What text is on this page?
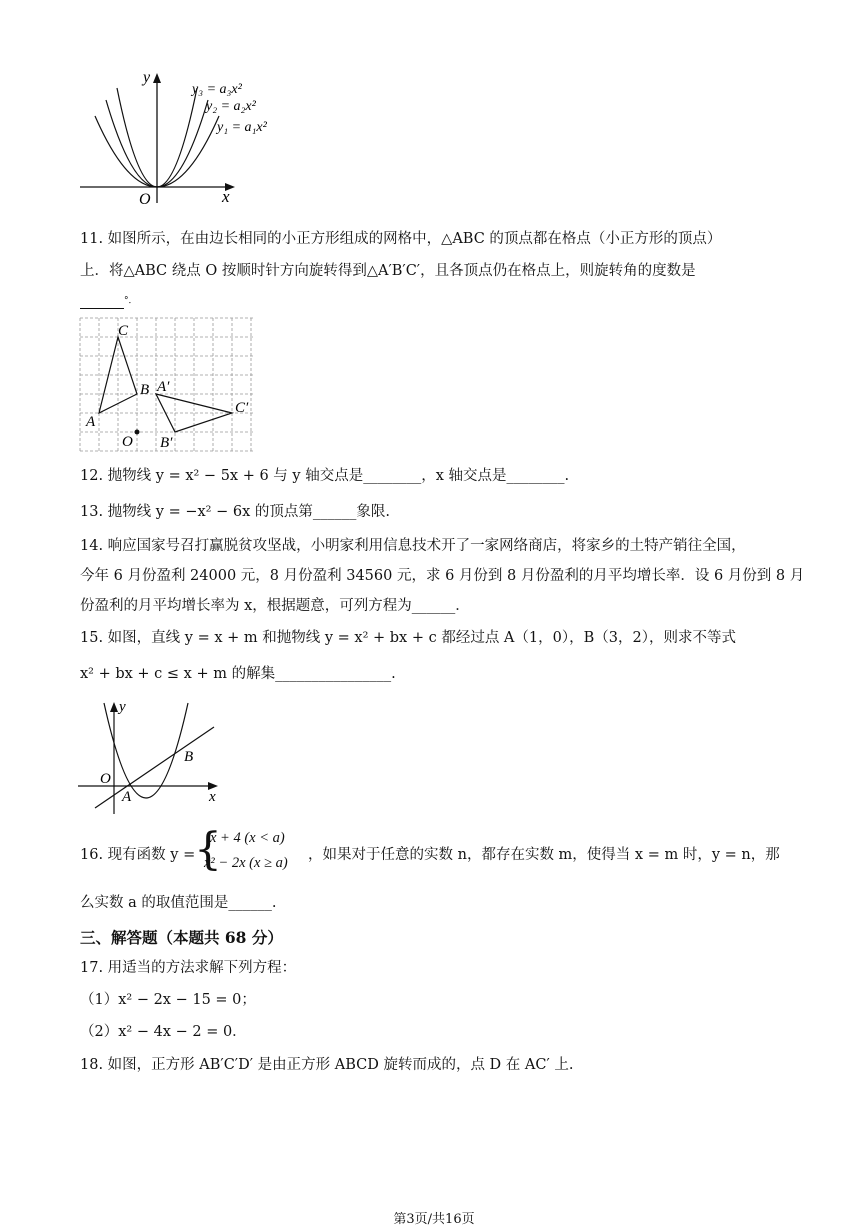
y
x
O
y₃ = a₃x²
y₂ = a₂x²
y₁ = a₁x²
11. 如图所示，在由边长相同的小正方形组成的网格中，△ABC 的顶点都在格点（小正方形的顶点）
上．将△ABC 绕点 O 按顺时针方向旋转得到△A′B′C′，且各顶点仍在格点上，则旋转角的度数是
°．
C
B
A
A′
C′
B′
O
12. 抛物线 y = x² − 5x + 6 与 y 轴交点是________，x 轴交点是________.
13. 抛物线 y = −x² − 6x 的顶点第______象限.
14. 响应国家号召打赢脱贫攻坚战，小明家利用信息技术开了一家网络商店，将家乡的土特产销往全国，
今年 6 月份盈利 24000 元，8 月份盈利 34560 元，求 6 月份到 8 月份盈利的月平均增长率．设 6 月份到 8 月
份盈利的月平均增长率为 x，根据题意，可列方程为______．
15. 如图，直线 y = x + m 和抛物线 y = x² + bx + c 都经过点 A（1，0），B（3，2），则求不等式
x² + bx + c ≤ x + m 的解集________________.
y
x
O
A
B
16. 现有函数 y =
{
x + 4 (x < a)
x² − 2x (x ≥ a) ，如果对于任意的实数 n，都存在实数 m，使得当 x = m 时，y = n，那
么实数 a 的取值范围是______.
三、解答题（本题共 68 分）
17. 用适当的方法求解下列方程：
（1）x² − 2x − 15 = 0；
（2）x² − 4x − 2 = 0．
18. 如图，正方形 AB′C′D′ 是由正方形 ABCD 旋转而成的，点 D 在 AC′ 上.
第3页/共16页
